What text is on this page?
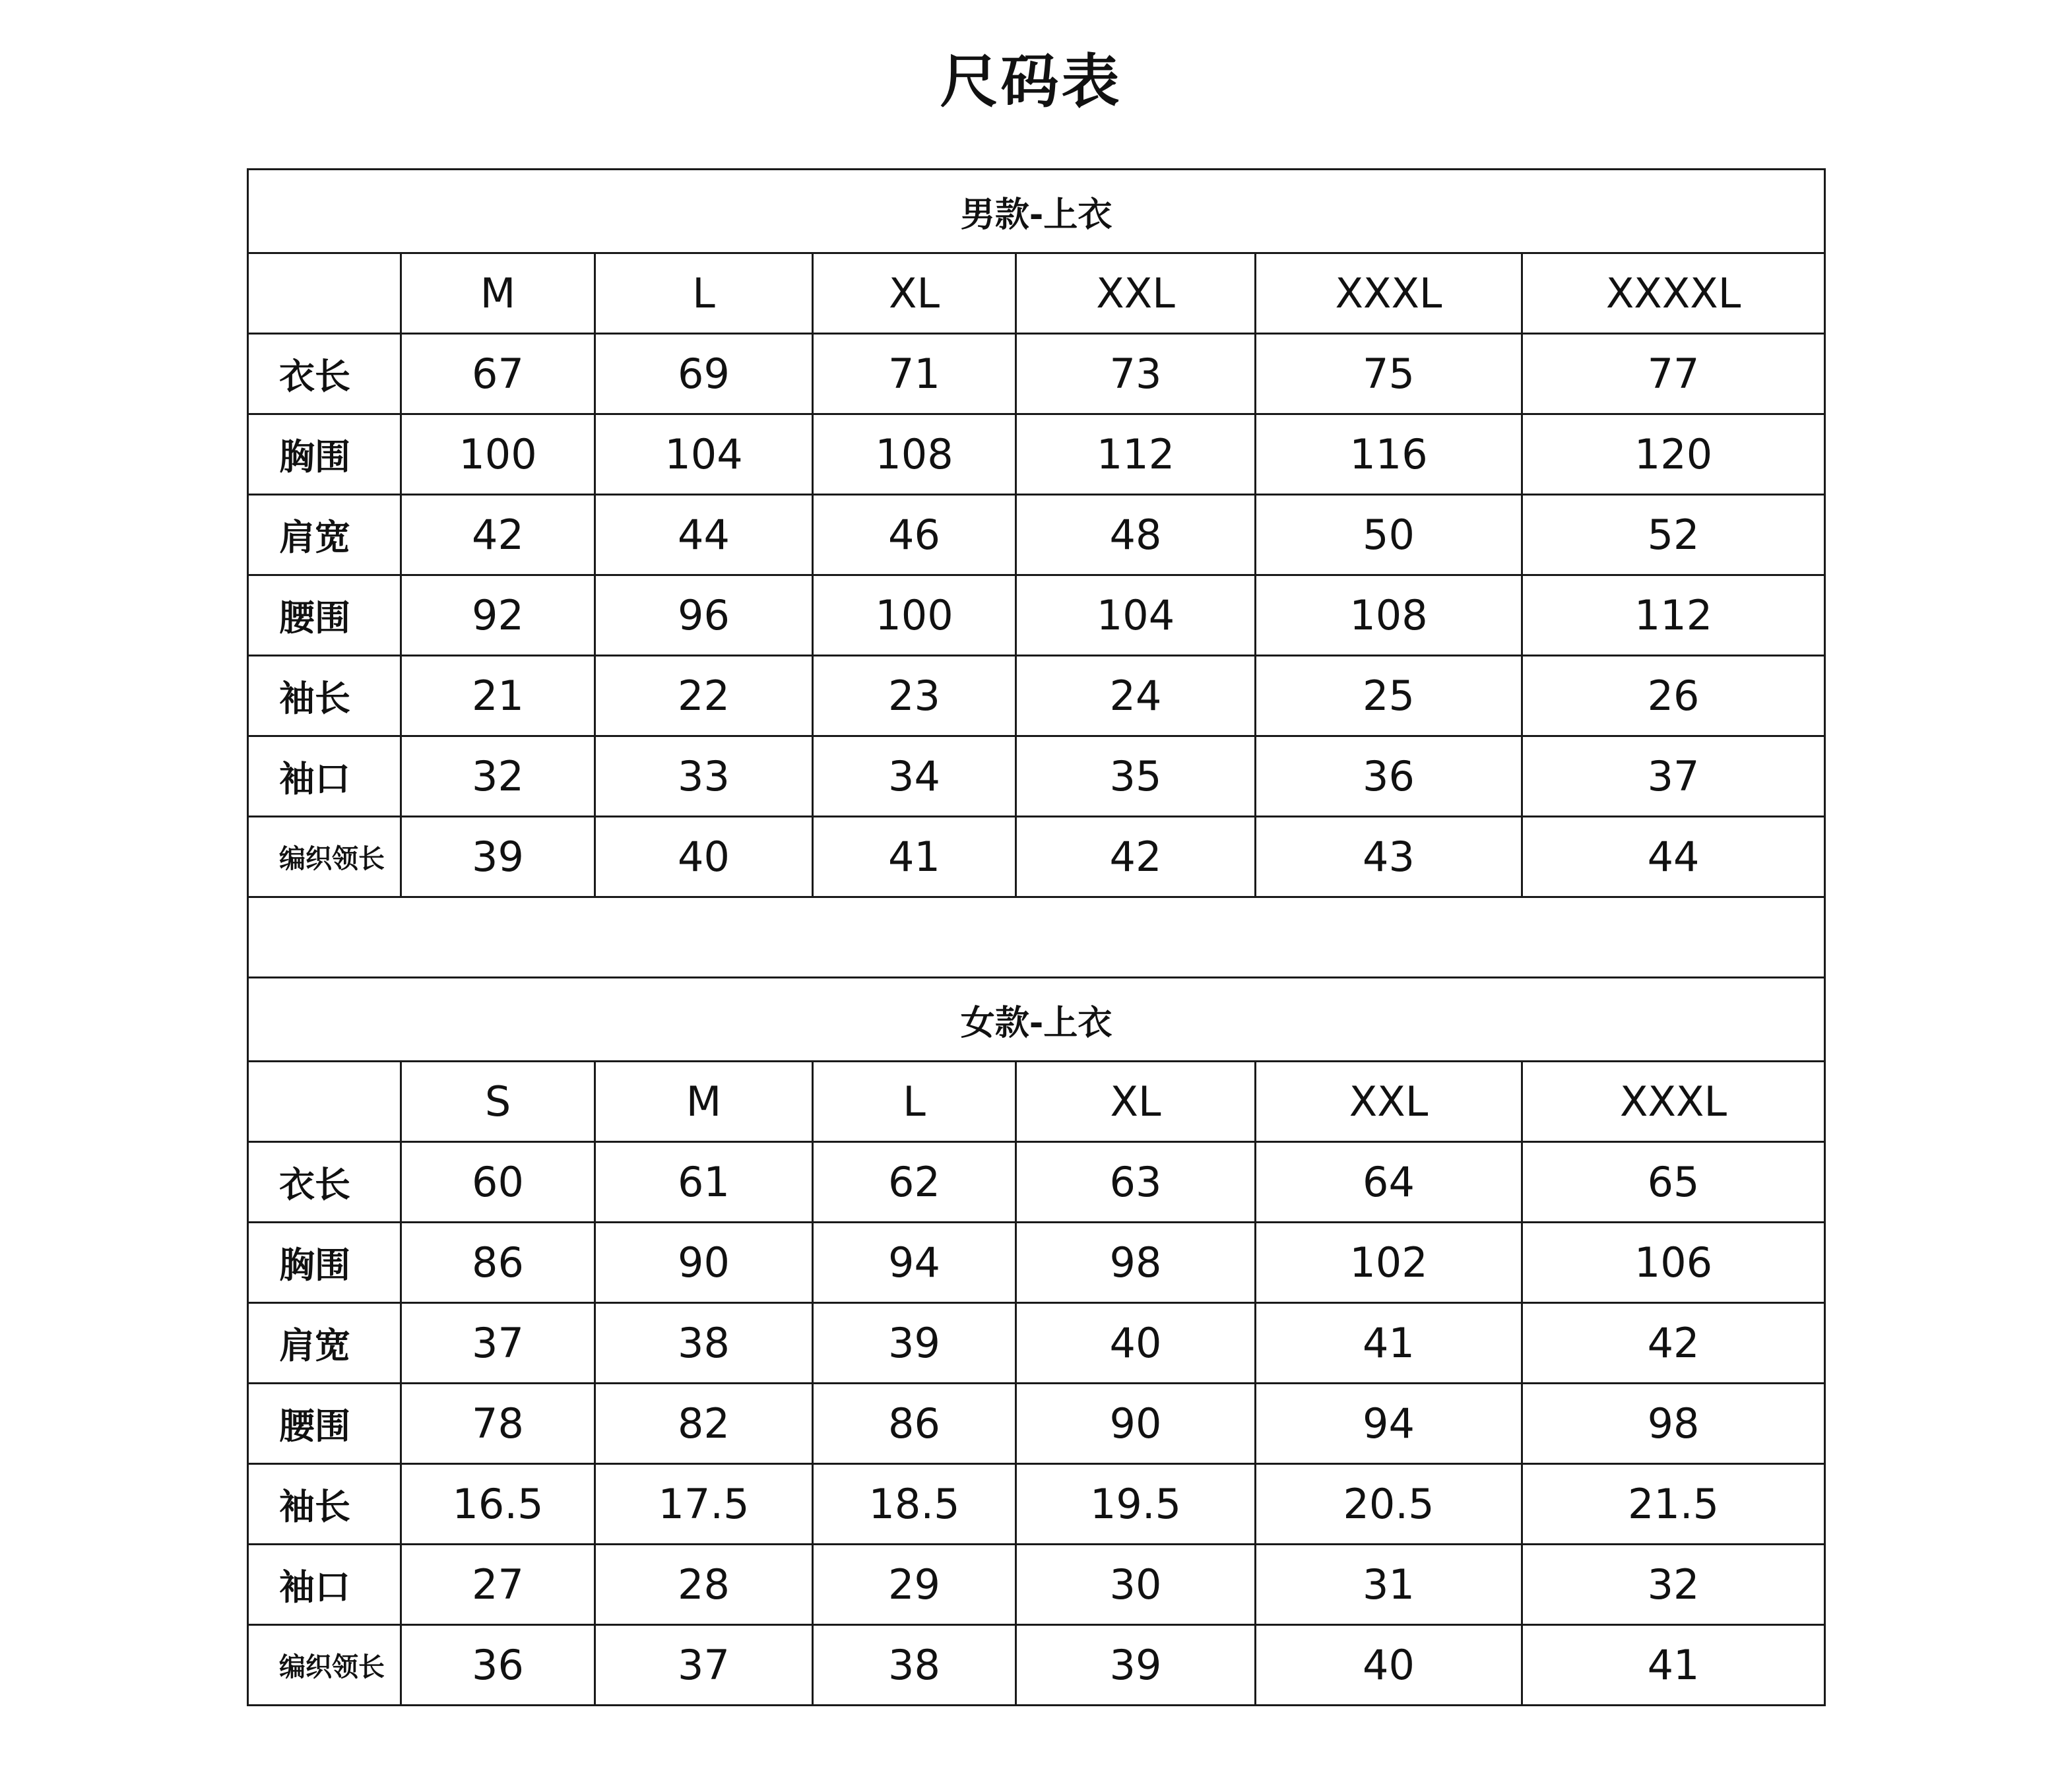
尺码表
男款-上衣						
	M	L	XL	XXL	XXXL	XXXXL
衣长	67	69	71	73	75	77
胸围	100	104	108	112	116	120
肩宽	42	44	46	48	50	52
腰围	92	96	100	104	108	112
袖长	21	22	23	24	25	26
袖口	32	33	34	35	36	37
编织领长	39	40	41	42	43	44

女款-上衣						
	S	M	L	XL	XXL	XXXL
衣长	60	61	62	63	64	65
胸围	86	90	94	98	102	106
肩宽	37	38	39	40	41	42
腰围	78	82	86	90	94	98
袖长	16.5	17.5	18.5	19.5	20.5	21.5
袖口	27	28	29	30	31	32
编织领长	36	37	38	39	40	41
